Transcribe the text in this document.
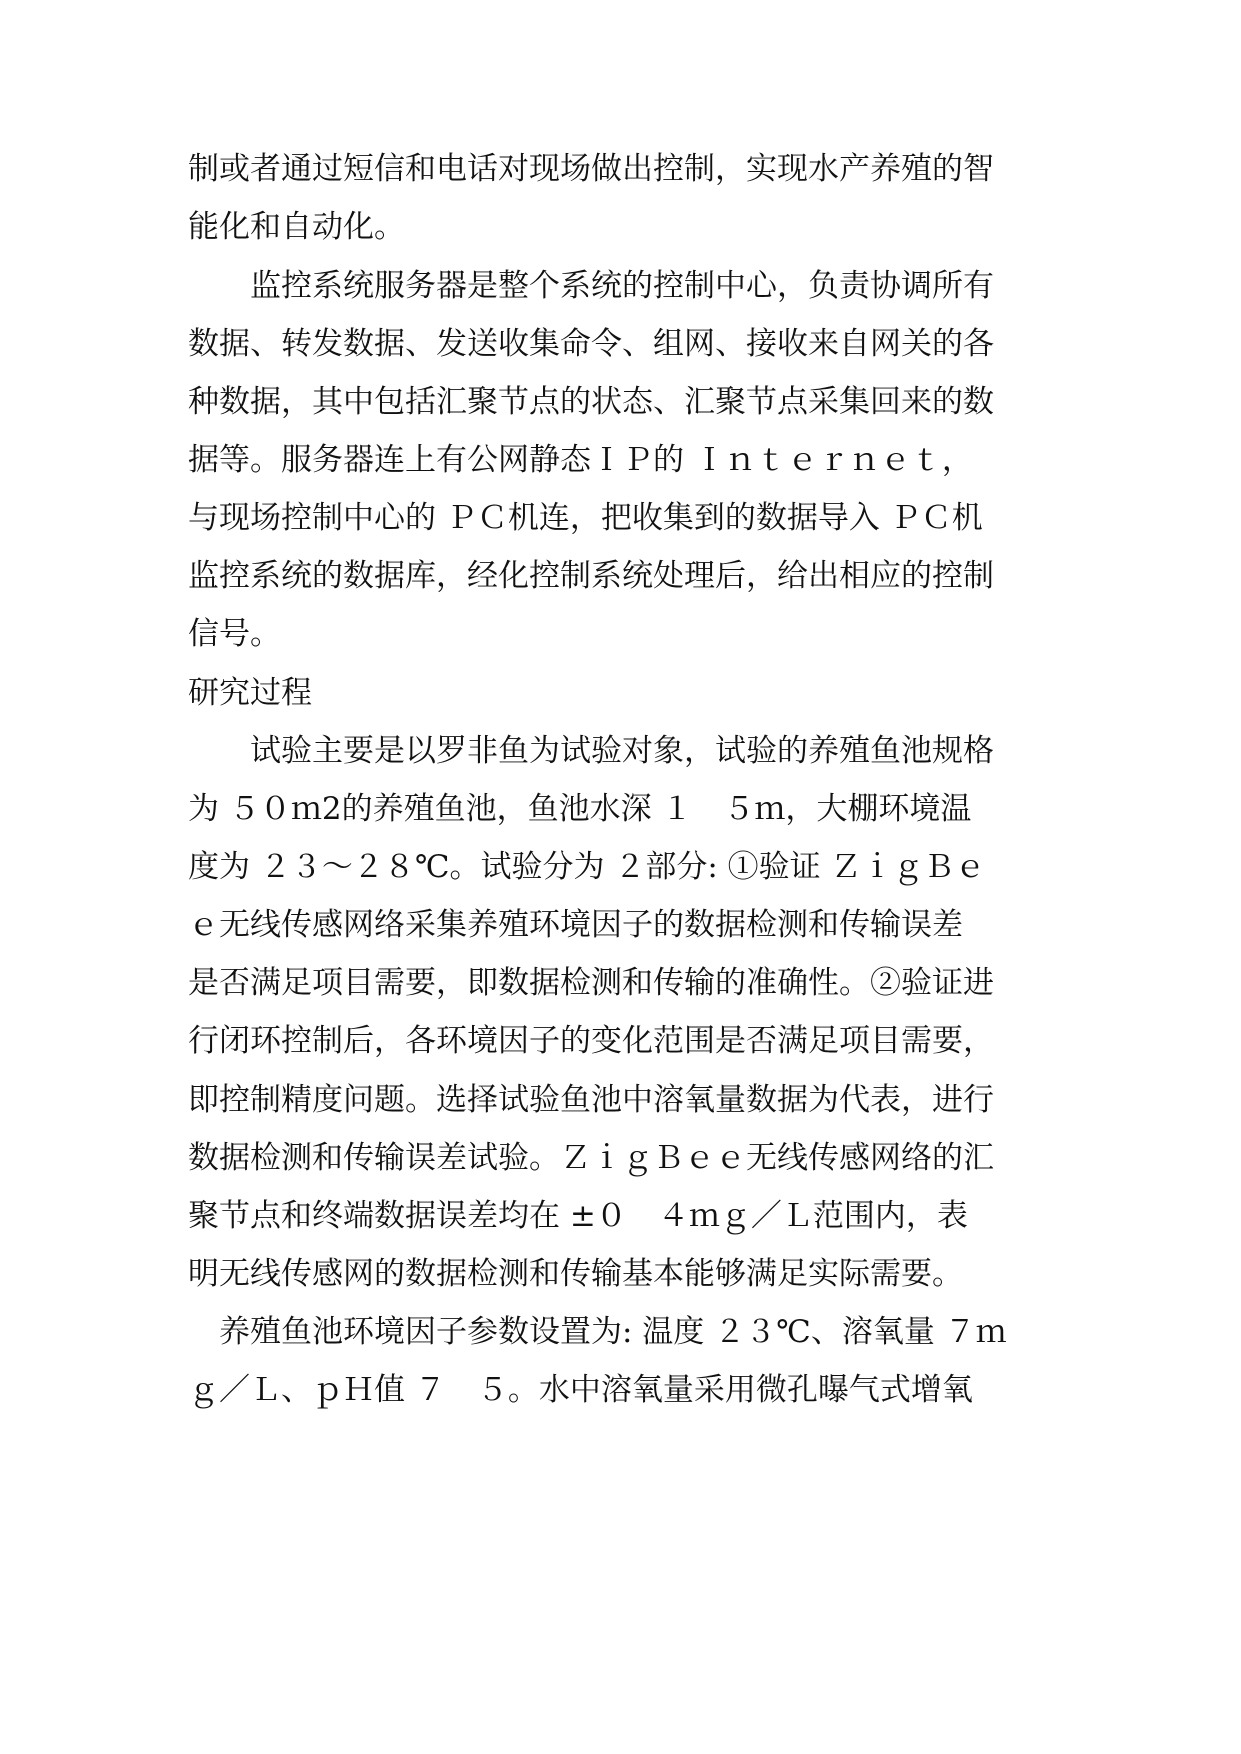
制或者通过短信和电话对现场做出控制，实现水产养殖的智
能化和自动化。
　　监控系统服务器是整个系统的控制中心，负责协调所有
数据、转发数据、发送收集命令、组网、接收来自网关的各
种数据，其中包括汇聚节点的状态、汇聚节点采集回来的数
据等。服务器连上有公网静态ＩＰ的 Ｉｎｔｅｒｎｅｔ，
与现场控制中心的 ＰＣ机连，把收集到的数据导入 ＰＣ机
监控系统的数据库，经化控制系统处理后，给出相应的控制
信号。
研究过程
　　试验主要是以罗非鱼为试验对象，试验的养殖鱼池规格
为 ５０ｍ2的养殖鱼池，鱼池水深 １　５ｍ，大棚环境温
度为 ２３～２８℃。试验分为 ２部分: ①验证 ＺｉｇＢｅ
ｅ无线传感网络采集养殖环境因子的数据检测和传输误差
是否满足项目需要，即数据检测和传输的准确性。②验证进
行闭环控制后，各环境因子的变化范围是否满足项目需要，
即控制精度问题。选择试验鱼池中溶氧量数据为代表，进行
数据检测和传输误差试验。ＺｉｇＢｅｅ无线传感网络的汇
聚节点和终端数据误差均在 ±０　４ｍｇ／Ｌ范围内，表
明无线传感网的数据检测和传输基本能够满足实际需要。
　养殖鱼池环境因子参数设置为: 温度 ２３℃、溶氧量 ７ｍ
ｇ／Ｌ、ｐＨ值 ７　５。水中溶氧量采用微孔曝气式增氧
